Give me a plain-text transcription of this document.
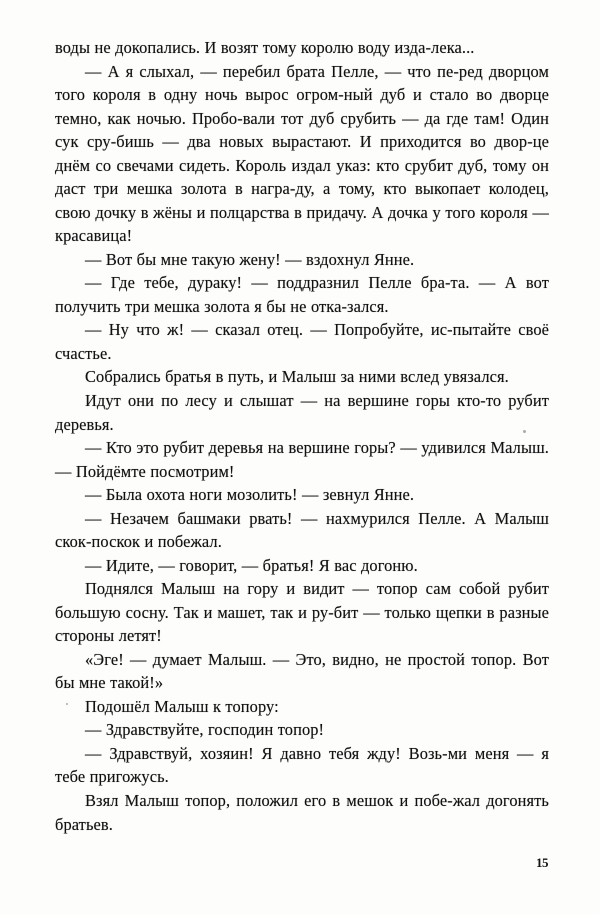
воды не докопались. И возят тому королю воду изда-лека...

— А я слыхал, — перебил брата Пелле, — что пе-ред дворцом того короля в одну ночь вырос огром-ный дуб и стало во дворце темно, как ночью. Пробо-вали тот дуб срубить — да где там! Один сук сру-бишь — два новых вырастают. И приходится во двор-це днём со свечами сидеть. Король издал указ: кто срубит дуб, тому он даст три мешка золота в награ-ду, а тому, кто выкопает колодец, свою дочку в жёны и полцарства в придачу. А дочка у того короля — красавица!

— Вот бы мне такую жену! — вздохнул Янне.

— Где тебе, дураку! — поддразнил Пелле бра-та. — А вот получить три мешка золота я бы не отка-зался.

— Ну что ж! — сказал отец. — Попробуйте, ис-пытайте своё счастье.

Собрались братья в путь, и Малыш за ними вслед увязался.

Идут они по лесу и слышат — на вершине горы кто-то рубит деревья.

— Кто это рубит деревья на вершине горы? — удивился Малыш. — Пойдёмте посмотрим!

— Была охота ноги мозолить! — зевнул Янне.

— Незачем башмаки рвать! — нахмурился Пелле. А Малыш скок-поскок и побежал.

— Идите, — говорит, — братья! Я вас догоню.

Поднялся Малыш на гору и видит — топор сам собой рубит большую сосну. Так и машет, так и ру-бит — только щепки в разные стороны летят!

«Эге! — думает Малыш. — Это, видно, не простой топор. Вот бы мне такой!»

Подошёл Малыш к топору:

— Здравствуйте, господин топор!

— Здравствуй, хозяин! Я давно тебя жду! Возь-ми меня — я тебе пригожусь.

Взял Малыш топор, положил его в мешок и побе-жал догонять братьев.

15
